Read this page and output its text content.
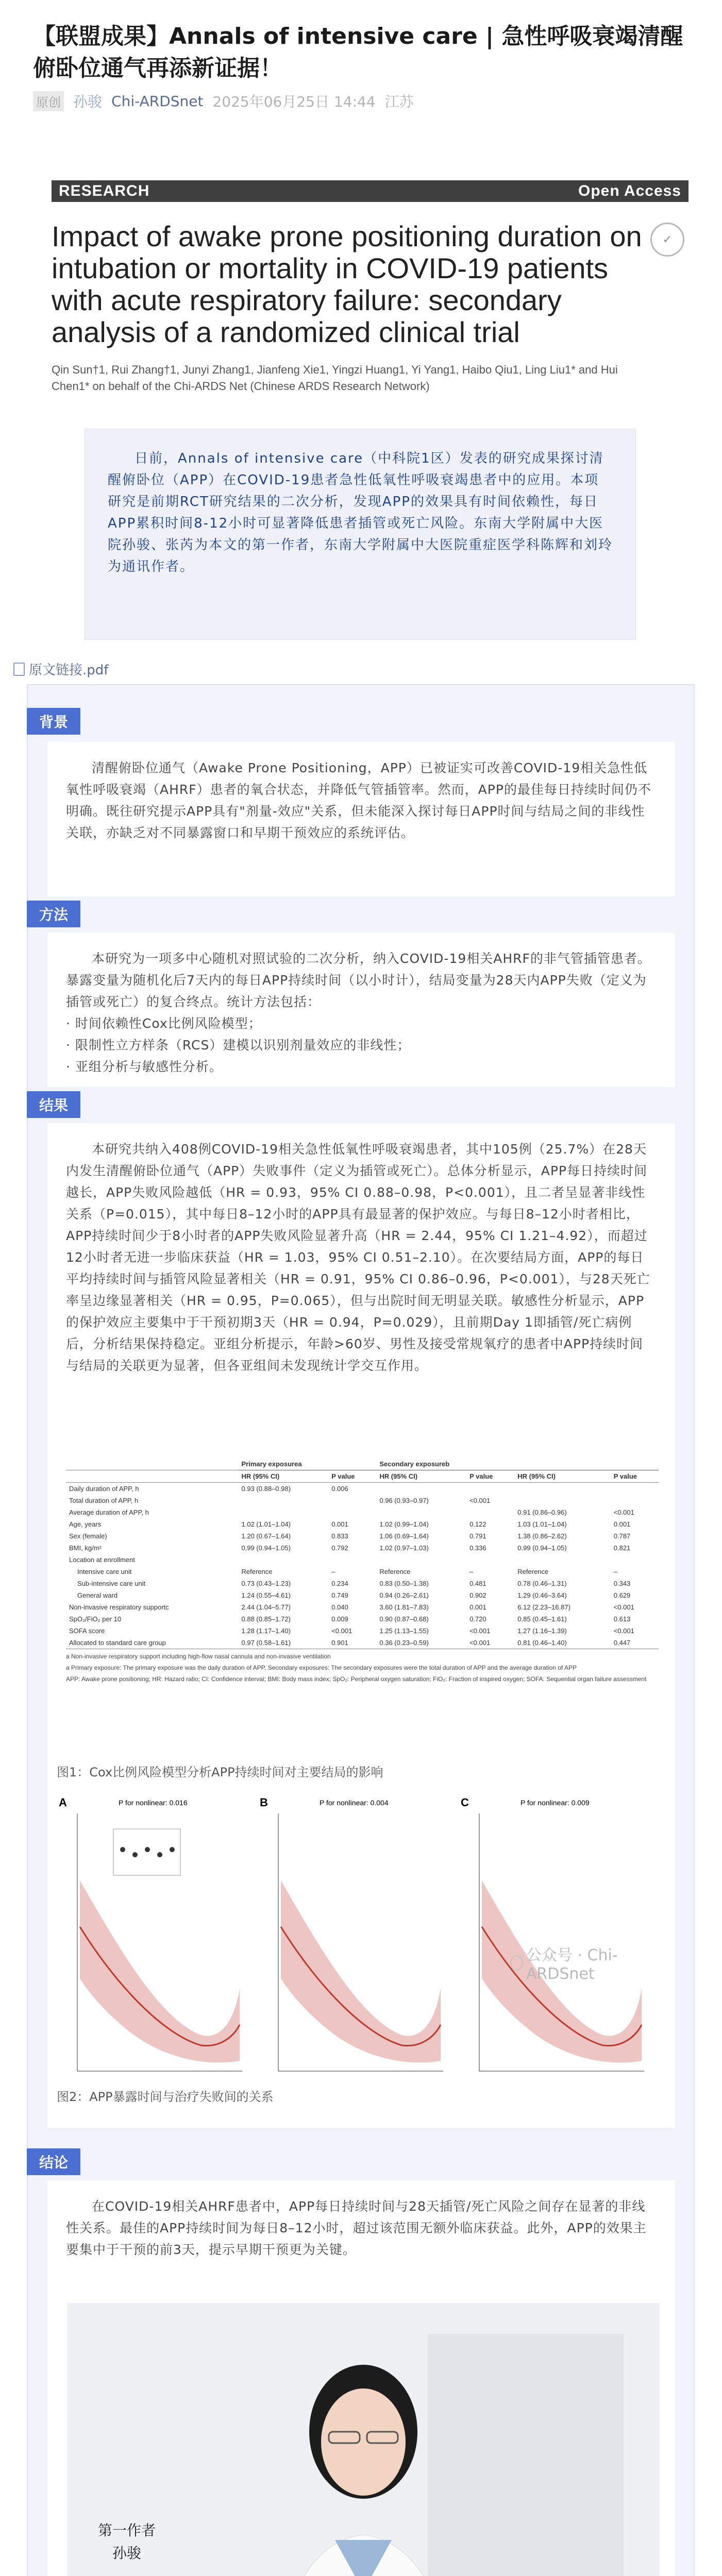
【联盟成果】Annals of intensive care | 急性呼吸衰竭清醒俯卧位通气再添新证据！
原创 孙骏 Chi-ARDSnet 2025年06月25日 14:44 江苏
RESEARCH	Open Access
✓
Impact of awake prone positioning duration on intubation or mortality in COVID-19 patients with acute respiratory failure: secondary analysis of a randomized clinical trial
Qin Sun†1, Rui Zhang†1, Junyi Zhang1, Jianfeng Xie1, Yingzi Huang1, Yi Yang1, Haibo Qiu1, Ling Liu1* and Hui Chen1* on behalf of the Chi-ARDS Net (Chinese ARDS Research Network)

日前，Annals of intensive care（中科院1区）发表的研究成果探讨清醒俯卧位（APP）在COVID-19患者急性低氧性呼吸衰竭患者中的应用。本项研究是前期RCT研究结果的二次分析，发现APP的效果具有时间依赖性，每日APP累积时间8-12小时可显著降低患者插管或死亡风险。东南大学附属中大医院孙骏、张芮为本文的第一作者，东南大学附属中大医院重症医学科陈辉和刘玲为通讯作者。

原文链接.pdf
背景

清醒俯卧位通气（Awake Prone Positioning，APP）已被证实可改善COVID-19相关急性低氧性呼吸衰竭（AHRF）患者的氧合状态，并降低气管插管率。然而，APP的最佳每日持续时间仍不明确。既往研究提示APP具有"剂量-效应"关系，但未能深入探讨每日APP时间与结局之间的非线性关联，亦缺乏对不同暴露窗口和早期干预效应的系统评估。

方法

本研究为一项多中心随机对照试验的二次分析，纳入COVID-19相关AHRF的非气管插管患者。暴露变量为随机化后7天内的每日APP持续时间（以小时计），结局变量为28天内APP失败（定义为插管或死亡）的复合终点。统计方法包括：

· 时间依赖性Cox比例风险模型；

· 限制性立方样条（RCS）建模以识别剂量效应的非线性；

· 亚组分析与敏感性分析。

结果

本研究共纳入408例COVID-19相关急性低氧性呼吸衰竭患者，其中105例（25.7%）在28天内发生清醒俯卧位通气（APP）失败事件（定义为插管或死亡）。总体分析显示，APP每日持续时间越长，APP失败风险越低（HR = 0.93，95% CI 0.88–0.98，P<0.001），且二者呈显著非线性关系（P=0.015），其中每日8–12小时的APP具有最显著的保护效应。与每日8–12小时者相比，APP持续时间少于8小时者的APP失败风险显著升高（HR = 2.44，95% CI 1.21–4.92），而超过12小时者无进一步临床获益（HR = 1.03，95% CI 0.51–2.10）。在次要结局方面，APP的每日平均持续时间与插管风险显著相关（HR = 0.91，95% CI 0.86–0.96，P<0.001），与28天死亡率呈边缘显著相关（HR = 0.95，P=0.065），但与出院时间无明显关联。敏感性分析显示，APP的保护效应主要集中于干预初期3天（HR = 0.94，P=0.029），且前期Day 1即插管/死亡病例后，分析结果保持稳定。亚组分析提示，年龄>60岁、男性及接受常规氧疗的患者中APP持续时间与结局的关联更为显著，但各亚组间未发现统计学交互作用。

	Primary exposurea		Secondary exposureb			
	HR (95% CI)	P value	HR (95% CI)	P value	HR (95% CI)	P value
Daily duration of APP, h	0.93 (0.88–0.98)	0.006				
Total duration of APP, h			0.96 (0.93–0.97)	<0.001		
Average duration of APP, h					0.91 (0.86–0.96)	<0.001
Age, years	1.02 (1.01–1.04)	0.001	1.02 (0.99–1.04)	0.122	1.03 (1.01–1.04)	0.001
Sex (female)	1.20 (0.67–1.64)	0.833	1.06 (0.69–1.64)	0.791	1.38 (0.86–2.62)	0.787
BMI, kg/m²	0.99 (0.94–1.05)	0.792	1.02 (0.97–1.03)	0.336	0.99 (0.94–1.05)	0.821
Location at enrollment						
Intensive care unit	Reference	–	Reference	–	Reference	–
Sub-intensive care unit	0.73 (0.43–1.23)	0.234	0.83 (0.50–1.38)	0.481	0.78 (0.46–1.31)	0.343
General ward	1.24 (0.55–4.61)	0.749	0.94 (0.26–2.61)	0.902	1.29 (0.46–3.64)	0.629
Non-invasive respiratory supportc	2.44 (1.04–5.77)	0.040	3.60 (1.81–7.83)	0.001	6.12 (2.23–16.87)	<0.001
SpO₂/FiO₂ per 10	0.88 (0.85–1.72)	0.009	0.90 (0.87–0.68)	0.720	0.85 (0.45–1.61)	0.613
SOFA score	1.28 (1.17–1.40)	<0.001	1.25 (1.13–1.55)	<0.001	1.27 (1.16–1.39)	<0.001
Allocated to standard care group	0.97 (0.58–1.61)	0.901	0.36 (0.23–0.59)	<0.001	0.81 (0.46–1.40)	0.447
a Non-invasive respiratory support including high-flow nasal cannula and non-invasive ventilation
a Primary exposure: The primary exposure was the daily duration of APP. Secondary exposures: The secondary exposures were the total duration of APP and the average duration of APP
APP: Awake prone positioning; HR: Hazard ratio; CI: Confidence interval; BMI: Body mass index; SpO₂: Peripheral oxygen saturation; FiO₂: Fraction of inspired oxygen; SOFA: Sequential organ failure assessment
图1：Cox比例风险模型分析APP持续时间对主要结局的影响
A	P for nonlinear: 0.016	B	P for nonlinear: 0.004	C	P for nonlinear: 0.009
公众号 · Chi-ARDSnet
图2：APP暴露时间与治疗失败间的关系
结论

在COVID-19相关AHRF患者中，APP每日持续时间与28天插管/死亡风险之间存在显著的非线性关系。最佳的APP持续时间为每日8–12小时，超过该范围无额外临床获益。此外，APP的效果主要集中于干预的前3天，提示早期干预更为关键。

第一作者
孙骏
